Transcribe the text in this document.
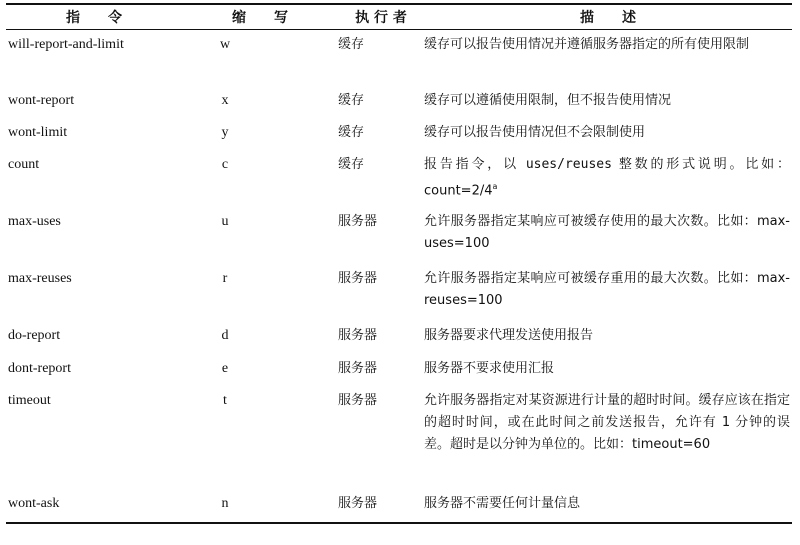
指　　令	缩　　写	执 行 者	描　　述
will-report-and-limit	w	缓存	缓存可以报告使用情况并遵循服务器指定的所有使用限制
wont-report	x	缓存	缓存可以遵循使用限制，但不报告使用情况
wont-limit	y	缓存	缓存可以报告使用情况但不会限制使用
count	c	缓存	报告指令，以 uses/reuses 整数的形式说明。比如：$count=2/4^a$
max-uses	u	服务器	允许服务器指定某响应可被缓存使用的最大次数。比如：max-uses=100
max-reuses	r	服务器	允许服务器指定某响应可被缓存重用的最大次数。比如：max-reuses=100
do-report	d	服务器	服务器要求代理发送使用报告
dont-report	e	服务器	服务器不要求使用汇报
timeout	t	服务器	允许服务器指定对某资源进行计量的超时时间。缓存应该在指定的超时时间，或在此时间之前发送报告，允许有 1 分钟的误差。超时是以分钟为单位的。比如：timeout=60
wont-ask	n	服务器	服务器不需要任何计量信息
